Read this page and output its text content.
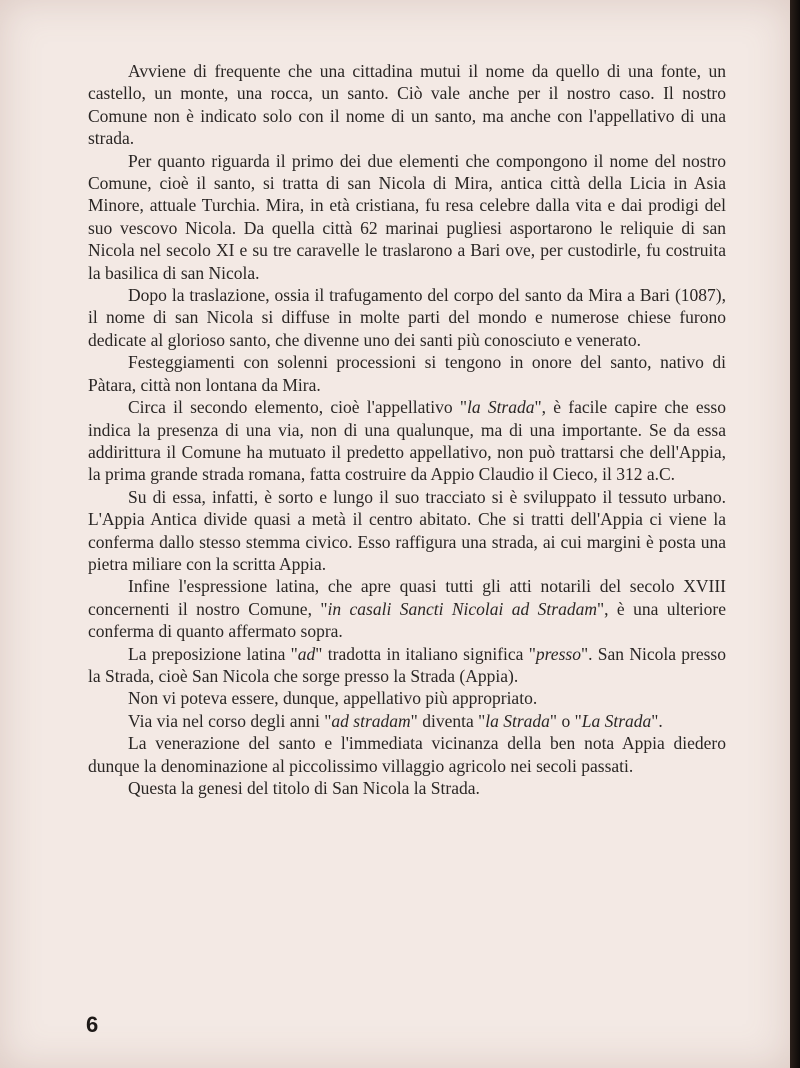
Avviene di frequente che una cittadina mutui il nome da quello di una fonte, un castello, un monte, una rocca, un santo. Ciò vale anche per il nostro caso. Il nostro Comune non è indicato solo con il nome di un santo, ma anche con l'appellativo di una strada.

Per quanto riguarda il primo dei due elementi che compongono il nome del nostro Comune, cioè il santo, si tratta di san Nicola di Mira, antica città della Licia in Asia Minore, attuale Turchia. Mira, in età cristiana, fu resa celebre dalla vita e dai prodigi del suo vescovo Nicola. Da quella città 62 marinai pugliesi asportarono le reliquie di san Nicola nel secolo XI e su tre caravelle le traslarono a Bari ove, per custodirle, fu costruita la basilica di san Nicola.

Dopo la traslazione, ossia il trafugamento del corpo del santo da Mira a Bari (1087), il nome di san Nicola si diffuse in molte parti del mondo e numerose chiese furono dedicate al glorioso santo, che divenne uno dei santi più conosciuto e venerato.

Festeggiamenti con solenni processioni si tengono in onore del santo, nativo di Pàtara, città non lontana da Mira.

Circa il secondo elemento, cioè l'appellativo "la Strada", è facile capire che esso indica la presenza di una via, non di una qualunque, ma di una importante. Se da essa addirittura il Comune ha mutuato il predetto appellativo, non può trattarsi che dell'Appia, la prima grande strada romana, fatta costruire da Appio Claudio il Cieco, il 312 a.C.

Su di essa, infatti, è sorto e lungo il suo tracciato si è sviluppato il tessuto urbano. L'Appia Antica divide quasi a metà il centro abitato. Che si tratti dell'Appia ci viene la conferma dallo stesso stemma civico. Esso raffigura una strada, ai cui margini è posta una pietra miliare con la scritta Appia.

Infine l'espressione latina, che apre quasi tutti gli atti notarili del secolo XVIII concernenti il nostro Comune, "in casali Sancti Nicolai ad Stradam", è una ulteriore conferma di quanto affermato sopra.

La preposizione latina "ad" tradotta in italiano significa "presso". San Nicola presso la Strada, cioè San Nicola che sorge presso la Strada (Appia).

Non vi poteva essere, dunque, appellativo più appropriato.

Via via nel corso degli anni "ad stradam" diventa "la Strada" o "La Strada".

La venerazione del santo e l'immediata vicinanza della ben nota Appia diedero dunque la denominazione al piccolissimo villaggio agricolo nei secoli passati.

Questa la genesi del titolo di San Nicola la Strada.

6
